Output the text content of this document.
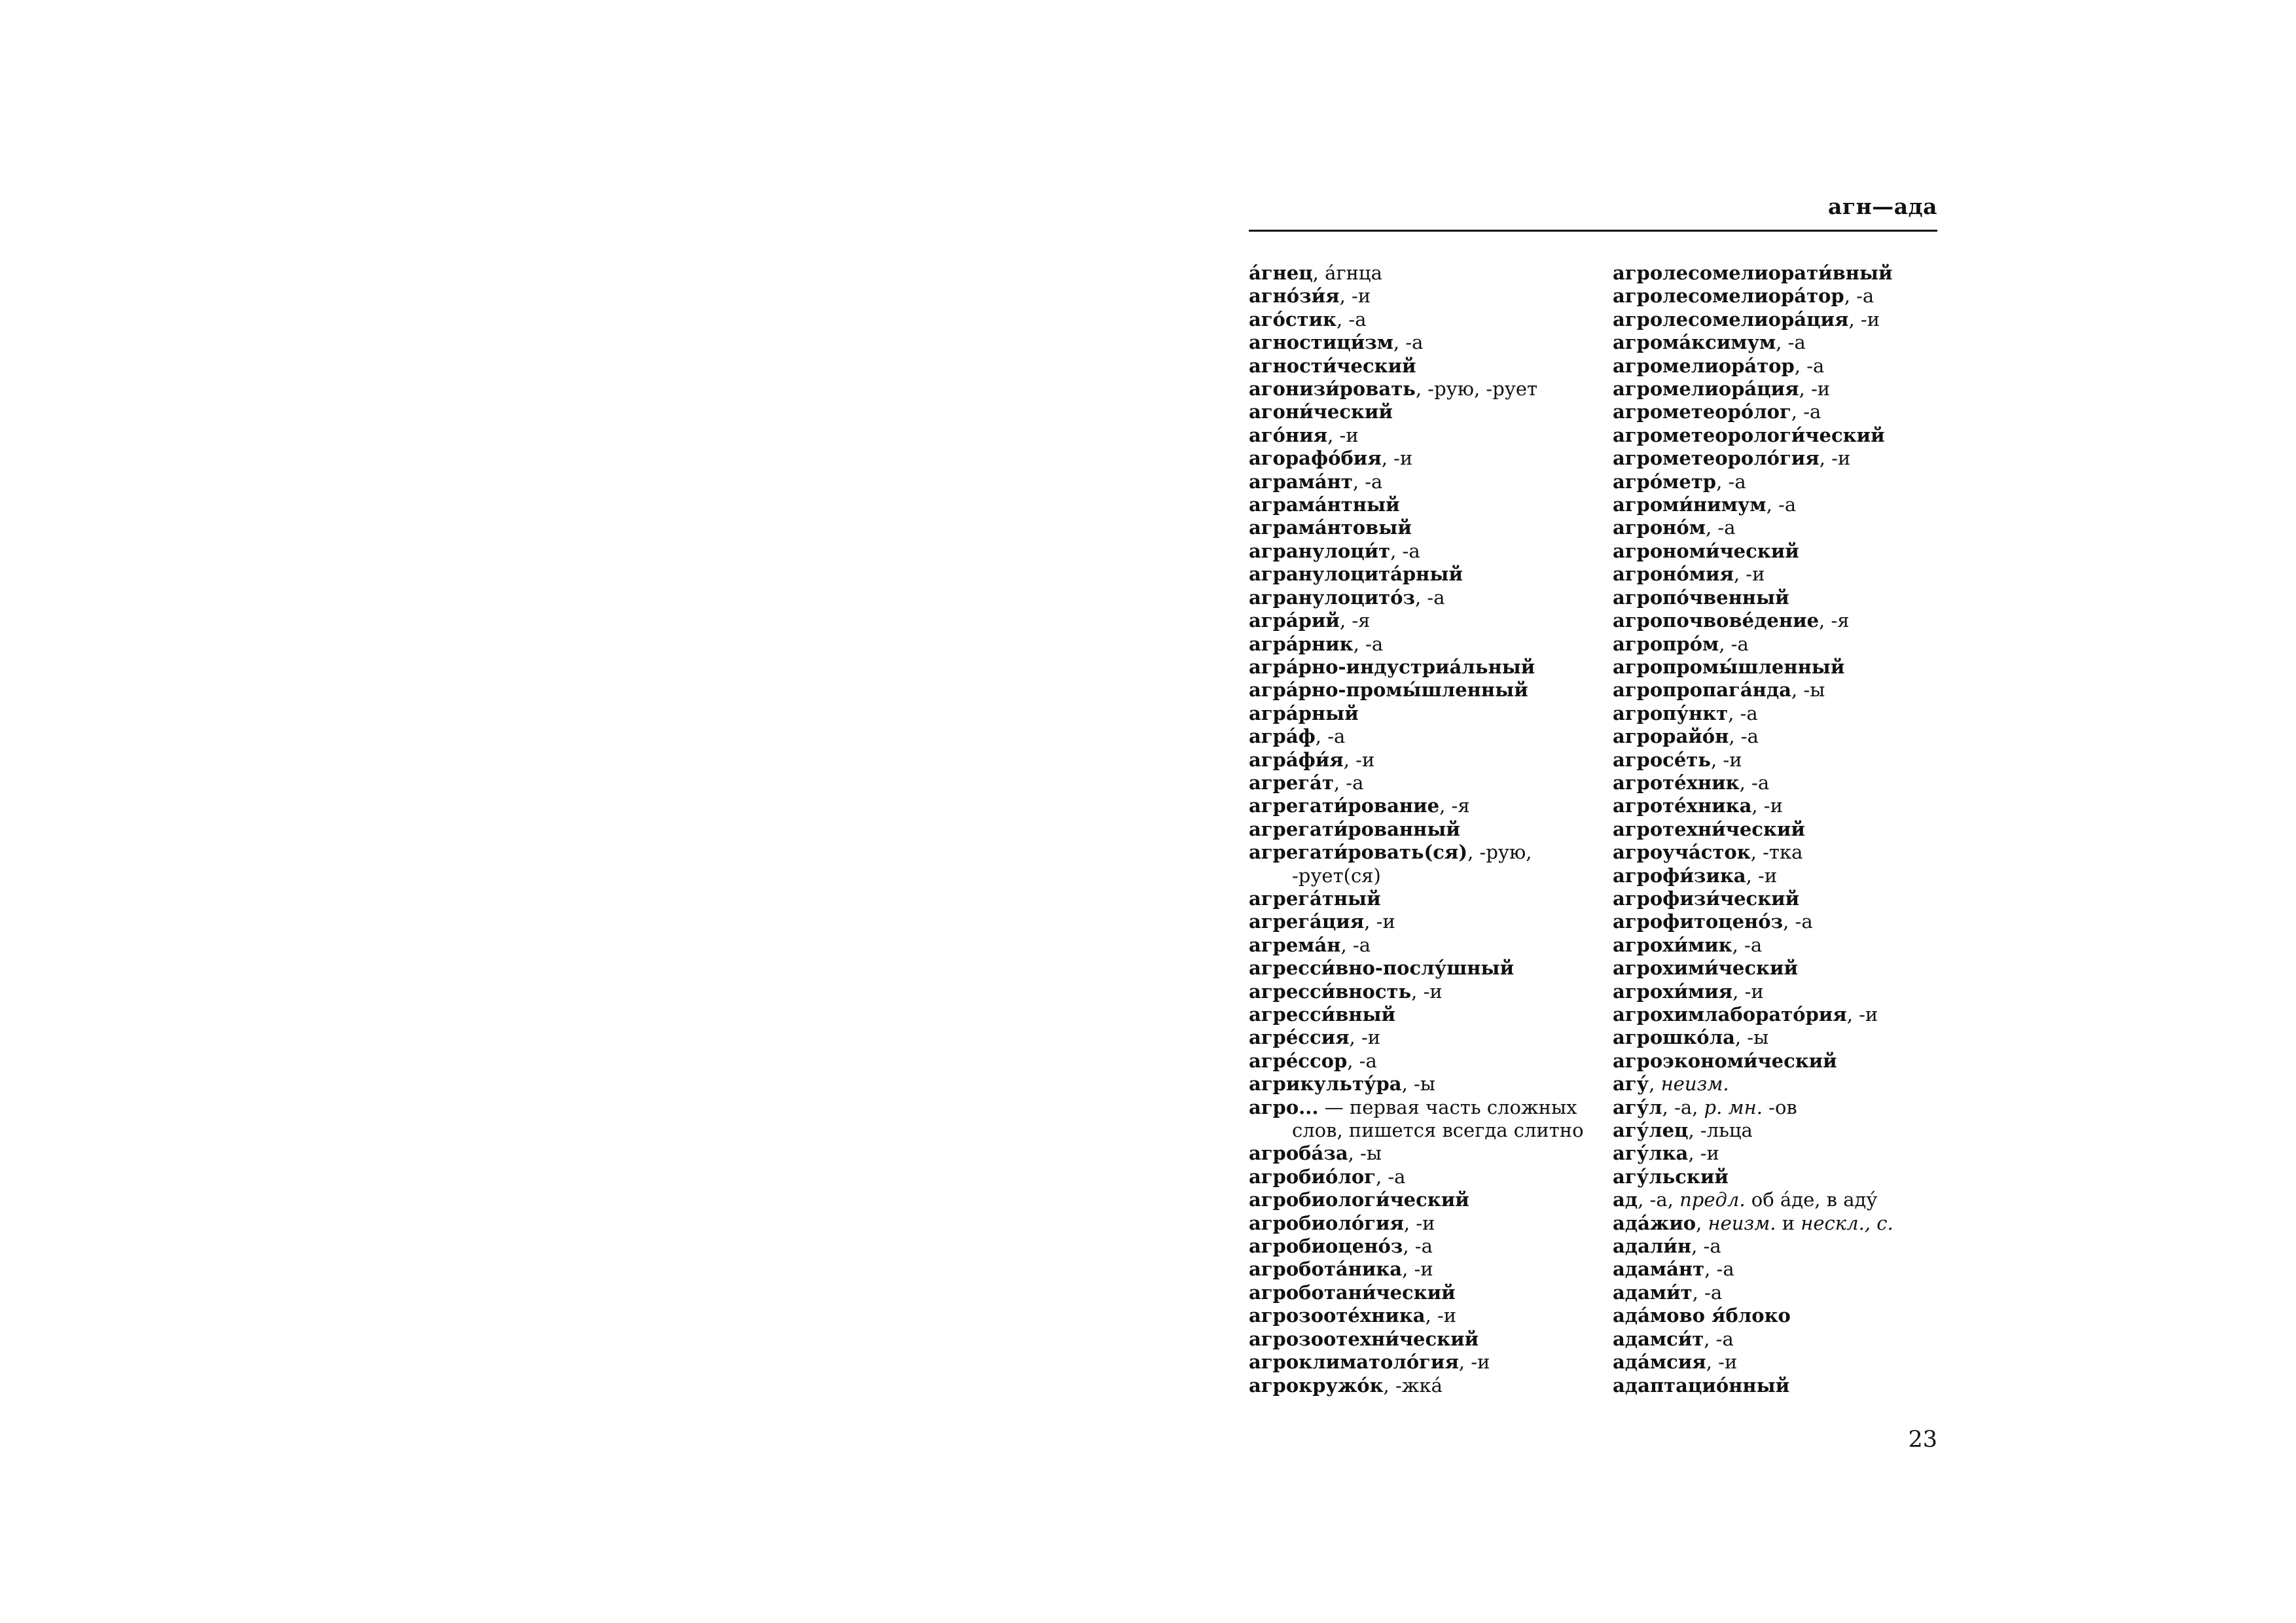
агн—ада
а́гнец, а́гнца
агно́зи́я, -и
аго́стик, -а
агностици́зм, -а
агности́ческий
агонизи́ровать, -рую, -рует
агони́ческий
аго́ния, -и
агорафо́бия, -и
аграма́нт, -а
аграма́нтный
аграма́нтовый
агранулоци́т, -а
агранулоцита́рный
агранулоцито́з, -а
агра́рий, -я
агра́рник, -а
агра́рно-индустриа́льный
агра́рно-промы́шленный
агра́рный
агра́ф, -а
агра́фи́я, -и
агрега́т, -а
агрегати́рование, -я
агрегати́рованный
агрегати́ровать(ся), -рую, -рует(ся)
агрега́тный
агрега́ция, -и
агрема́н, -а
агресси́вно-послу́шный
агресси́вность, -и
агресси́вный
агре́ссия, -и
агре́ссор, -а
агрикульту́ра, -ы
агро... — первая часть сложных слов, пишется всегда слитно
агроба́за, -ы
агробио́лог, -а
агробиологи́ческий
агробиоло́гия, -и
агробиоцено́з, -а
агробота́ника, -и
агроботани́ческий
агрозооте́хника, -и
агрозоотехни́ческий
агроклиматоло́гия, -и
агрокружо́к, -жка́
агролесомелиорати́вный
агролесомелиора́тор, -а
агролесомелиора́ция, -и
агрома́ксимум, -а
агромелиора́тор, -а
агромелиора́ция, -и
агрометеоро́лог, -а
агрометеорологи́ческий
агрометеороло́гия, -и
агро́метр, -а
агроми́нимум, -а
агроно́м, -а
агрономи́ческий
агроно́мия, -и
агропо́чвенный
агропочвове́дение, -я
агропро́м, -а
агропромы́шленный
агропропага́нда, -ы
агропу́нкт, -а
агрорайо́н, -а
агросе́ть, -и
агроте́хник, -а
агроте́хника, -и
агротехни́ческий
агроуча́сток, -тка
агрофи́зика, -и
агрофизи́ческий
агрофитоцено́з, -а
агрохи́мик, -а
агрохими́ческий
агрохи́мия, -и
агрохимлаборато́рия, -и
агрошко́ла, -ы
агроэкономи́ческий
агу́, неизм.
агу́л, -а, р. мн. -ов
агу́лец, -льца
агу́лка, -и
агу́льский
ад, -а, предл. об а́де, в аду́
ада́жио, неизм. и нескл., с.
адали́н, -а
адама́нт, -а
адами́т, -а
ада́мово я́блоко
адамси́т, -а
ада́мсия, -и
адаптацио́нный
23
